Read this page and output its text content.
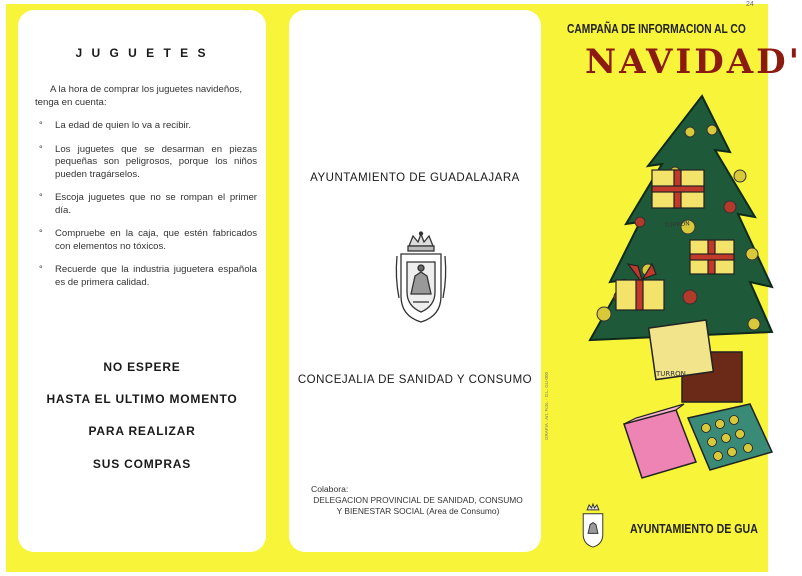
J U G U E T E S
A la hora de comprar los juguetes navideños, tenga en cuenta:
° La edad de quien lo va a recibir.
° Los juguetes que se desarman en piezas pequeñas son peligrosos, porque los niños pueden tragárselos.
° Escoja juguetes que no se rompan el primer día.
° Compruebe en la caja, que estén fabricados con elementos no tóxicos.
° Recuerde que la industria juguetera española es de primera calidad.
NO ESPERE
HASTA EL ULTIMO MOMENTO
PARA REALIZAR
SUS COMPRAS
AYUNTAMIENTO DE GUADALAJARA
CONCEJALIA DE SANIDAD Y CONSUMO
Colabora:
DELEGACION PROVINCIAL DE SANIDAD, CONSUMO
Y BIENESTAR SOCIAL (Area de Consumo)
GRAFIA · Art. Foto. · D.L. GU-000
24
CAMPAÑA DE INFORMACION AL CO
NAVIDAD'
TURRON
TURRON
AYUNTAMIENTO DE GUA
